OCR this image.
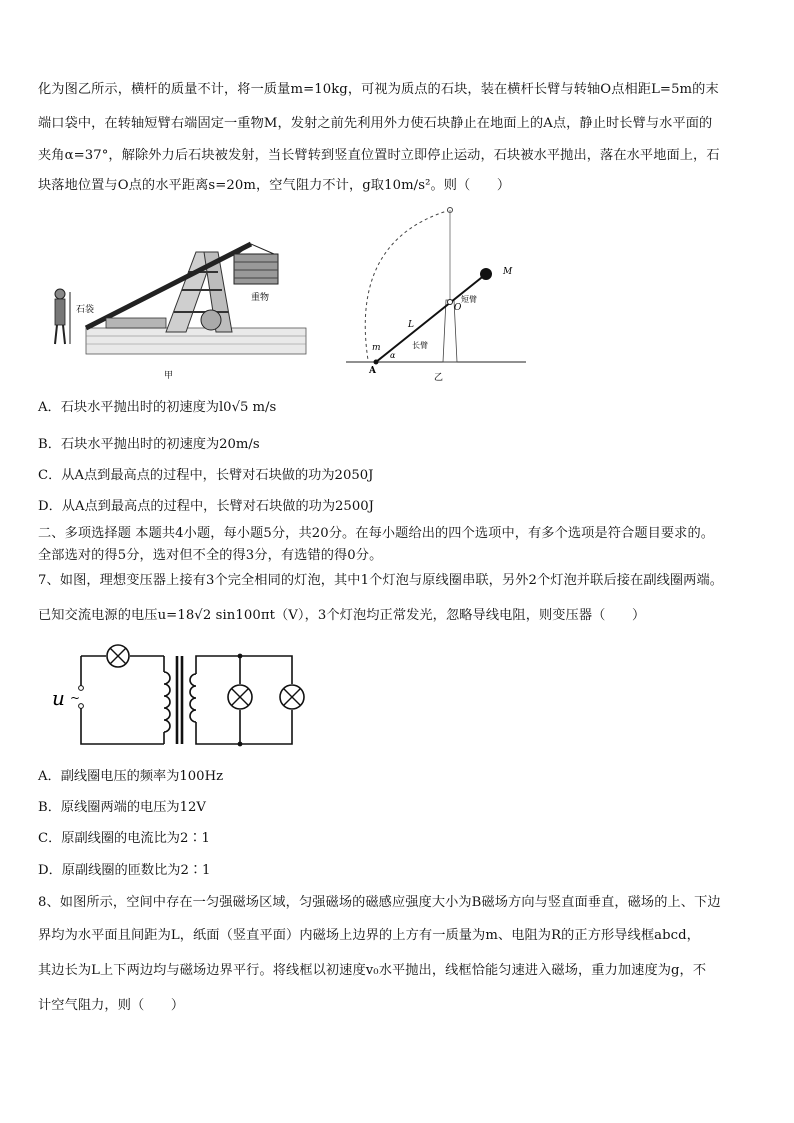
化为图乙所示，横杆的质量不计，将一质量m=10kg，可视为质点的石块，装在横杆长臂与转轴O点相距L=5m的末
端口袋中，在转轴短臂右端固定一重物M，发射之前先利用外力使石块静止在地面上的A点，静止时长臂与水平面的
夹角α=37°，解除外力后石块被发射，当长臂转到竖直位置时立即停止运动，石块被水平抛出，落在水平地面上，石
块落地位置与O点的水平距离s=20m，空气阻力不计，g取10m/s²。则（　　）
石袋
重物
甲
M
O
短臂
L
长臂
m
α
A
乙
A．石块水平抛出时的初速度为l0√5 m/s
B．石块水平抛出时的初速度为20m/s
C．从A点到最高点的过程中，长臂对石块做的功为2050J
D．从A点到最高点的过程中，长臂对石块做的功为2500J
二、多项选择题 本题共4小题，每小题5分，共20分。在每小题给出的四个选项中，有多个选项是符合题目要求的。
全部选对的得5分，选对但不全的得3分，有选错的得0分。
7、如图，理想变压器上接有3个完全相同的灯泡，其中1个灯泡与原线圈串联，另外2个灯泡并联后接在副线圈两端。
已知交流电源的电压u=18√2 sin100πt（V），3个灯泡均正常发光，忽略导线电阻，则变压器（　　）
u ~
A．副线圈电压的频率为100Hz
B．原线圈两端的电压为12V
C．原副线圈的电流比为2∶1
D．原副线圈的匝数比为2∶1
8、如图所示，空间中存在一匀强磁场区域，匀强磁场的磁感应强度大小为B磁场方向与竖直面垂直，磁场的上、下边
界均为水平面且间距为L，纸面（竖直平面）内磁场上边界的上方有一质量为m、电阻为R的正方形导线框abcd，
其边长为L上下两边均与磁场边界平行。将线框以初速度v₀水平抛出，线框恰能匀速进入磁场，重力加速度为g，不
计空气阻力，则（　　）
